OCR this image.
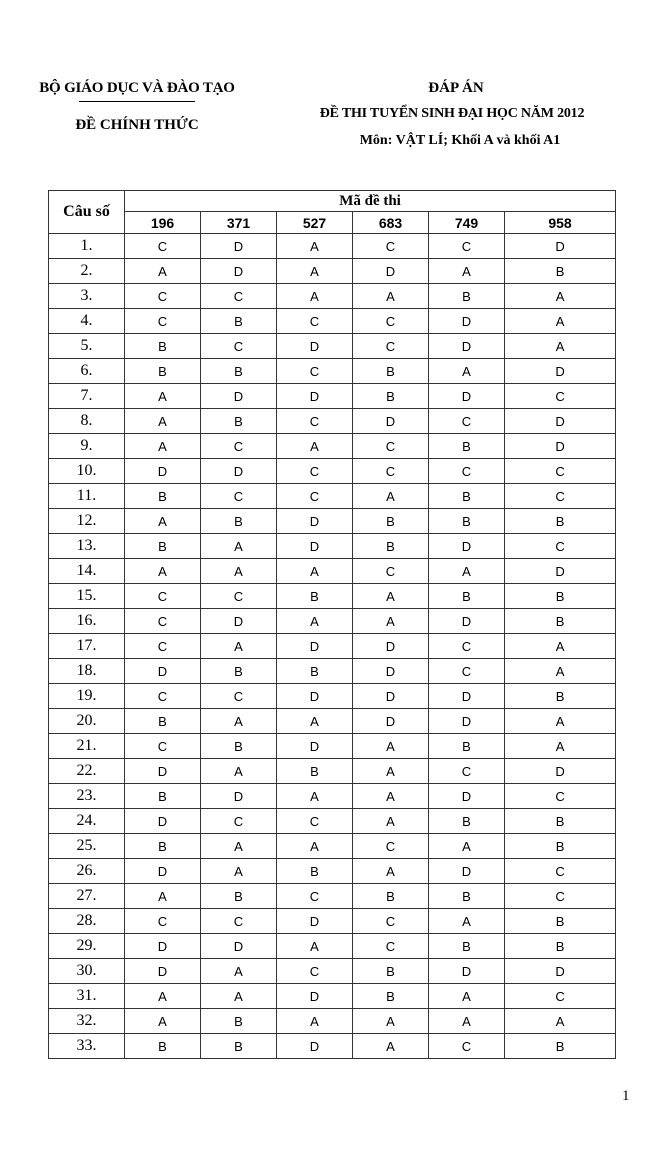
BỘ GIÁO DỤC VÀ ĐÀO TẠO
ĐỀ CHÍNH THỨC
ĐÁP ÁN
ĐỀ THI TUYỂN SINH ĐẠI HỌC NĂM 2012
Môn: VẬT LÍ; Khối A và khối A1
Câu số	Mã đề thi					
	196	371	527	683	749	958
1.	C	D	A	C	C	D
2.	A	D	A	D	A	B
3.	C	C	A	A	B	A
4.	C	B	C	C	D	A
5.	B	C	D	C	D	A
6.	B	B	C	B	A	D
7.	A	D	D	B	D	C
8.	A	B	C	D	C	D
9.	A	C	A	C	B	D
10.	D	D	C	C	C	C
11.	B	C	C	A	B	C
12.	A	B	D	B	B	B
13.	B	A	D	B	D	C
14.	A	A	A	C	A	D
15.	C	C	B	A	B	B
16.	C	D	A	A	D	B
17.	C	A	D	D	C	A
18.	D	B	B	D	C	A
19.	C	C	D	D	D	B
20.	B	A	A	D	D	A
21.	C	B	D	A	B	A
22.	D	A	B	A	C	D
23.	B	D	A	A	D	C
24.	D	C	C	A	B	B
25.	B	A	A	C	A	B
26.	D	A	B	A	D	C
27.	A	B	C	B	B	C
28.	C	C	D	C	A	B
29.	D	D	A	C	B	B
30.	D	A	C	B	D	D
31.	A	A	D	B	A	C
32.	A	B	A	A	A	A
33.	B	B	D	A	C	B
1
